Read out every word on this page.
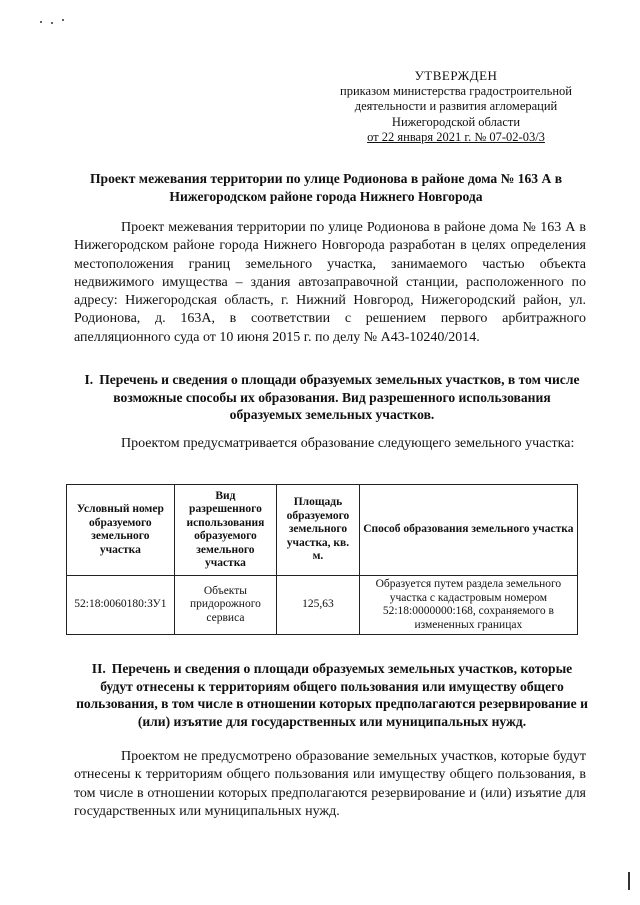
УТВЕРЖДЕН
приказом министерства градостроительной
деятельности и развития агломераций
Нижегородской области
от 22 января 2021 г. № 07-02-03/3
Проект межевания территории по улице Родионова в районе дома № 163 А в Нижегородском районе города Нижнего Новгорода
Проект межевания территории по улице Родионова в районе дома № 163 А в Нижегородском районе города Нижнего Новгорода разработан в целях определения местоположения границ земельного участка, занимаемого частью объекта недвижимого имущества – здания автозаправочной станции, расположенного по адресу: Нижегородская область, г. Нижний Новгород, Нижегородский район, ул. Родионова, д. 163А, в соответствии с решением первого арбитражного апелляционного суда от 10 июня 2015 г. по делу № А43-10240/2014.
I. Перечень и сведения о площади образуемых земельных участков, в том числе возможные способы их образования. Вид разрешенного использования образуемых земельных участков.
Проектом предусматривается образование следующего земельного участка:
Условный номер образуемого земельного участка	Вид разрешенного использования образуемого земельного участка	Площадь образуемого земельного участка, кв. м.	Способ образования земельного участка
52:18:0060180:ЗУ1	Объекты придорожного сервиса	125,63	Образуется путем раздела земельного участка с кадастровым номером 52:18:0000000:168, сохраняемого в измененных границах
II. Перечень и сведения о площади образуемых земельных участков, которые будут отнесены к территориям общего пользования или имуществу общего пользования, в том числе в отношении которых предполагаются резервирование и (или) изъятие для государственных или муниципальных нужд.
Проектом не предусмотрено образование земельных участков, которые будут отнесены к территориям общего пользования или имуществу общего пользования, в том числе в отношении которых предполагаются резервирование и (или) изъятие для государственных или муниципальных нужд.
